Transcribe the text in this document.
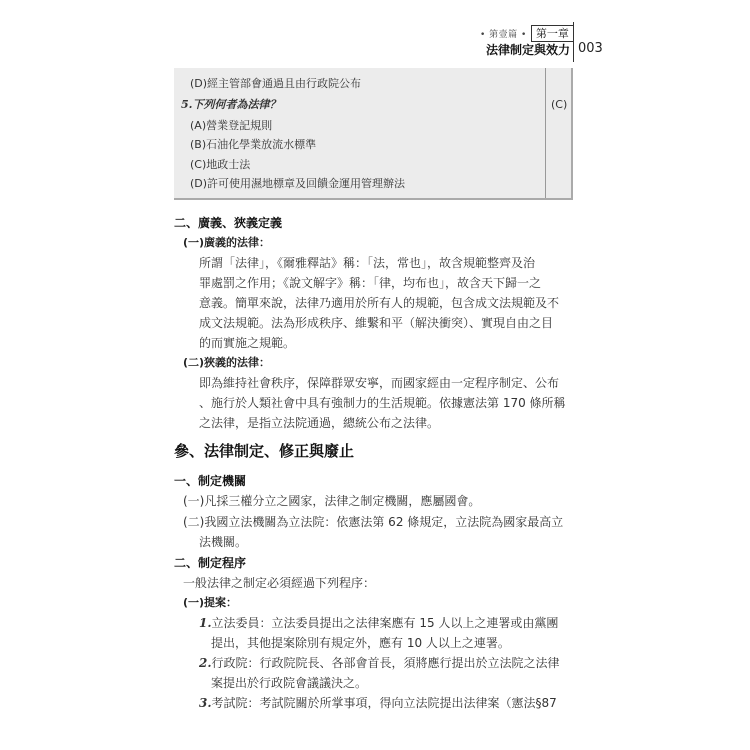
• 第壹篇 • 第一章
法律制定與效力 003
(D)經主管部會通過且由行政院公布
5.下列何者為法律？
(A)營業登記規則
(B)石油化學業放流水標準
(C)地政士法
(D)許可使用濕地標章及回饋金運用管理辦法
(C)
二、廣義、狹義定義
(一)廣義的法律：
所謂「法律」，《爾雅釋詁》稱：「法，常也」，故含規範整齊及治
罪處罰之作用；《說文解字》稱：「律，均布也」，故含天下歸一之
意義。簡單來說，法律乃適用於所有人的規範，包含成文法規範及不
成文法規範。法為形成秩序、維繫和平（解決衝突）、實現自由之目
的而實施之規範。
(二)狹義的法律：
即為維持社會秩序，保障群眾安寧，而國家經由一定程序制定、公布
、施行於人類社會中具有強制力的生活規範。依據憲法第 170 條所稱
之法律，是指立法院通過，總統公布之法律。
參、法律制定、修正與廢止
一、制定機關
(一)凡採三權分立之國家，法律之制定機關，應屬國會。
(二)我國立法機關為立法院：依憲法第 62 條規定，立法院為國家最高立
法機關。
二、制定程序
一般法律之制定必須經過下列程序：
(一)提案：
1.立法委員：立法委員提出之法律案應有 15 人以上之連署或由黨團
提出，其他提案除別有規定外，應有 10 人以上之連署。
2.行政院：行政院院長、各部會首長，須將應行提出於立法院之法律
案提出於行政院會議議決之。
3.考試院：考試院關於所掌事項，得向立法院提出法律案（憲法§87
